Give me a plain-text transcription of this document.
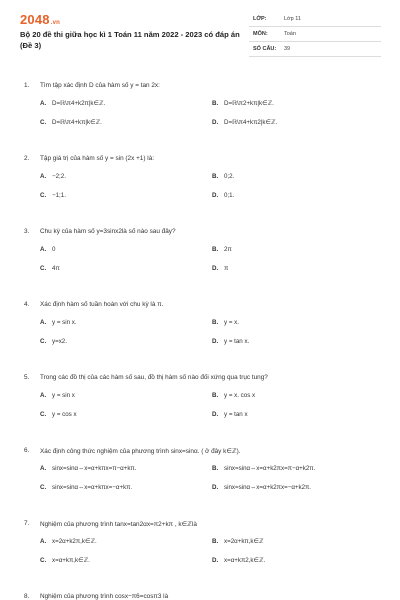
2048.vn
Bộ 20 đề thi giữa học kì 1 Toán 11 năm 2022 - 2023 có đáp án (Đề 3)
LỚP:	Lớp 11
MÔN:	Toán
SỐ CÂU: 39
1. Tìm tập xác định D của hàm số y = tan 2x:
A. D=ℝ\π4+k2π|k∈ℤ.	B. D=ℝ\π2+kπ|k∈ℤ.
C. D=ℝ\π4+kπ|k∈ℤ.	D. D=ℝ\π4+kπ2|k∈ℤ.
2. Tập giá trị của hàm số y = sin (2x +1) là:
A. −2;2.	B. 0;2.
C. −1;1.	D. 0;1.
3. Chu kỳ của hàm số y=3sinx2là số nào sau đây?
A. 0	B. 2π
C. 4π	D. π
4. Xác định hàm số tuần hoàn với chu kỳ là π.
A. y = sin x.	B. y = x.
C. y=x2.	D. y = tan x.
5. Trong các đồ thị của các hàm số sau, đồ thị hàm số nào đối xứng qua trục tung?
A. y = sin x	B. y = x. cos x
C. y = cos x	D. y = tan x
6. Xác định công thức nghiệm của phương trình sinx=sinα. ( ở đây k∈ℤ).
A. sinx=sinα⇔x=α+kπx=π−α+kπ.	B. sinx=sinα⇔x=α+k2πx=π−α+k2π.
C. sinx=sinα⇔x=α+kπx=−α+kπ.	D. sinx=sinα⇔x=α+k2πx=−α+k2π.
7. Nghiệm của phương trình tanx=tan2αx=π2+kπ , k∈ℤlà
A. x=2α+k2π,k∈ℤ.	B. x=2α+kπ,k∈ℤ
C. x=α+kπ,k∈ℤ.	D. x=α+kπ2,k∈ℤ.
8. Nghiệm của phương trình cosx−π6=cosπ3 là
